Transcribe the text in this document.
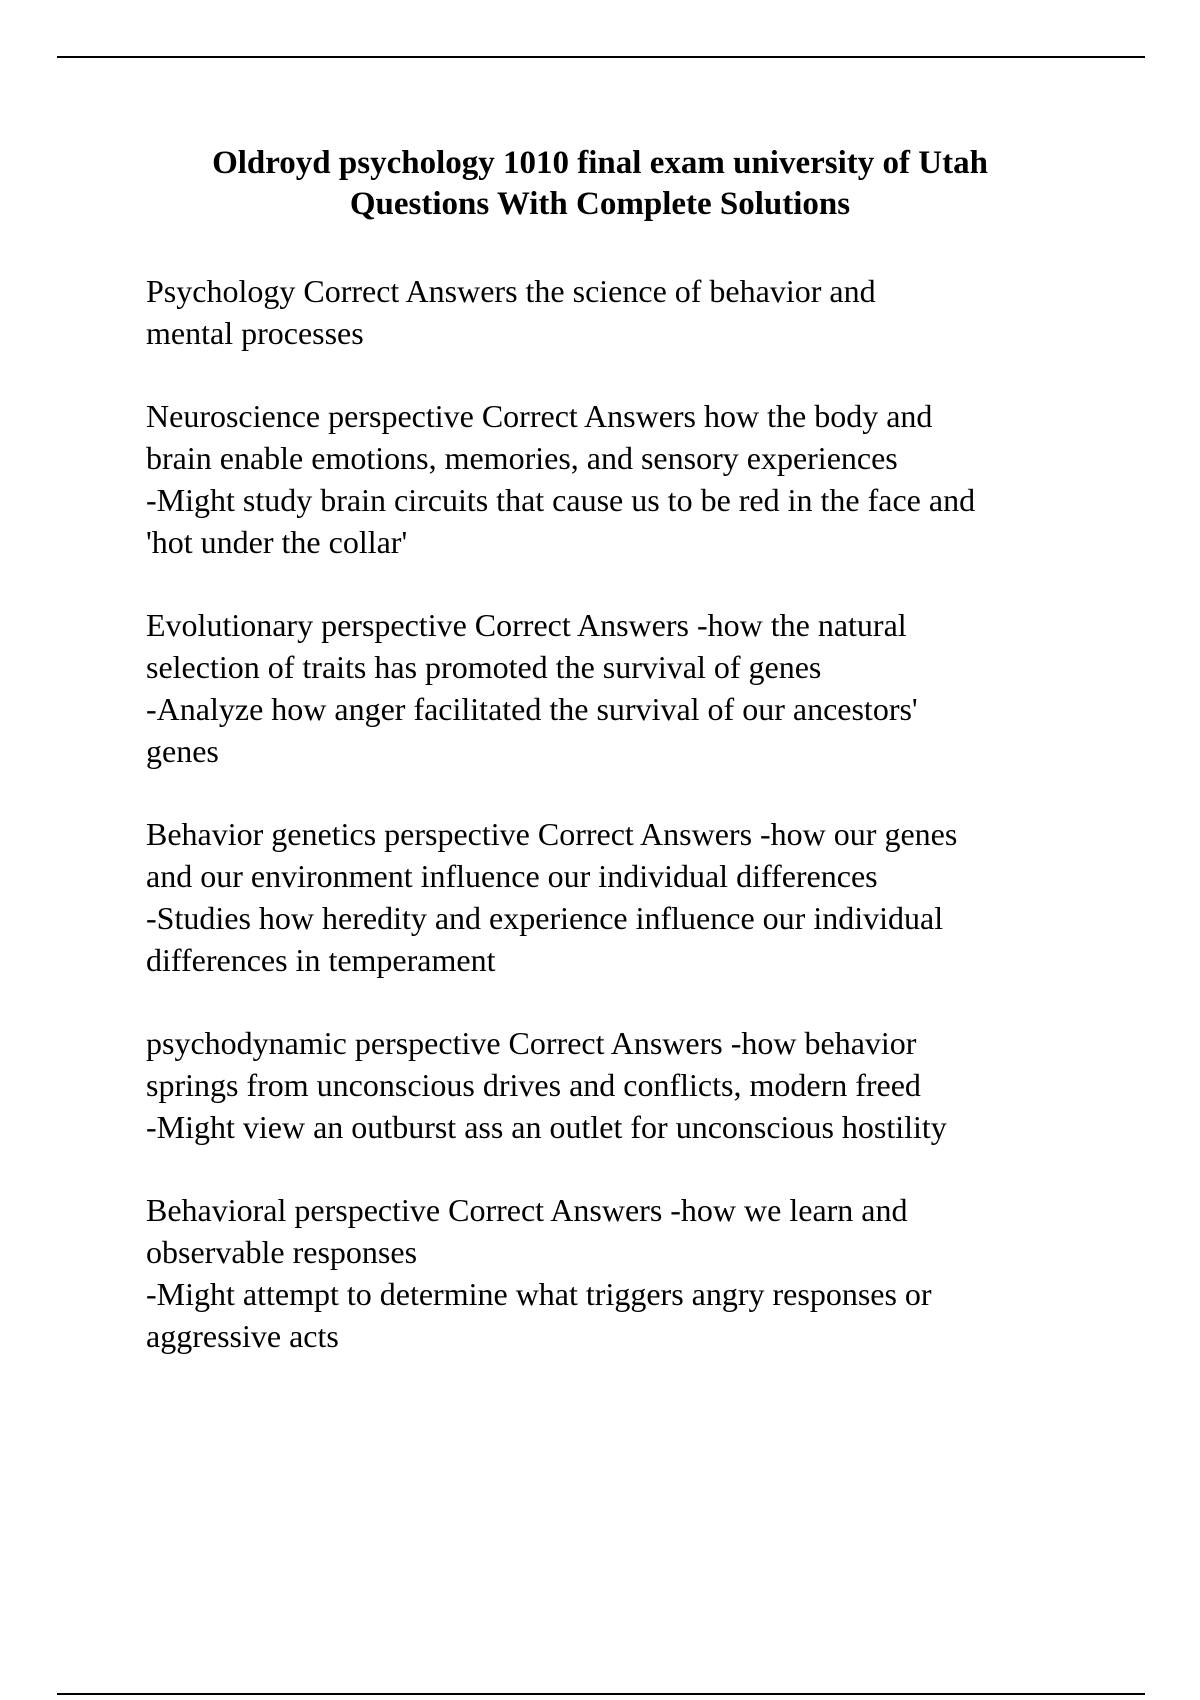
Oldroyd psychology 1010 final exam university of Utah
Questions With Complete Solutions

Psychology Correct Answers the science of behavior and
mental processes

Neuroscience perspective Correct Answers how the body and
brain enable emotions, memories, and sensory experiences
-Might study brain circuits that cause us to be red in the face and
'hot under the collar'

Evolutionary perspective Correct Answers -how the natural
selection of traits has promoted the survival of genes
-Analyze how anger facilitated the survival of our ancestors'
genes

Behavior genetics perspective Correct Answers -how our genes
and our environment influence our individual differences
-Studies how heredity and experience influence our individual
differences in temperament

psychodynamic perspective Correct Answers -how behavior
springs from unconscious drives and conflicts, modern freed
-Might view an outburst ass an outlet for unconscious hostility

Behavioral perspective Correct Answers -how we learn and
observable responses
-Might attempt to determine what triggers angry responses or
aggressive acts
